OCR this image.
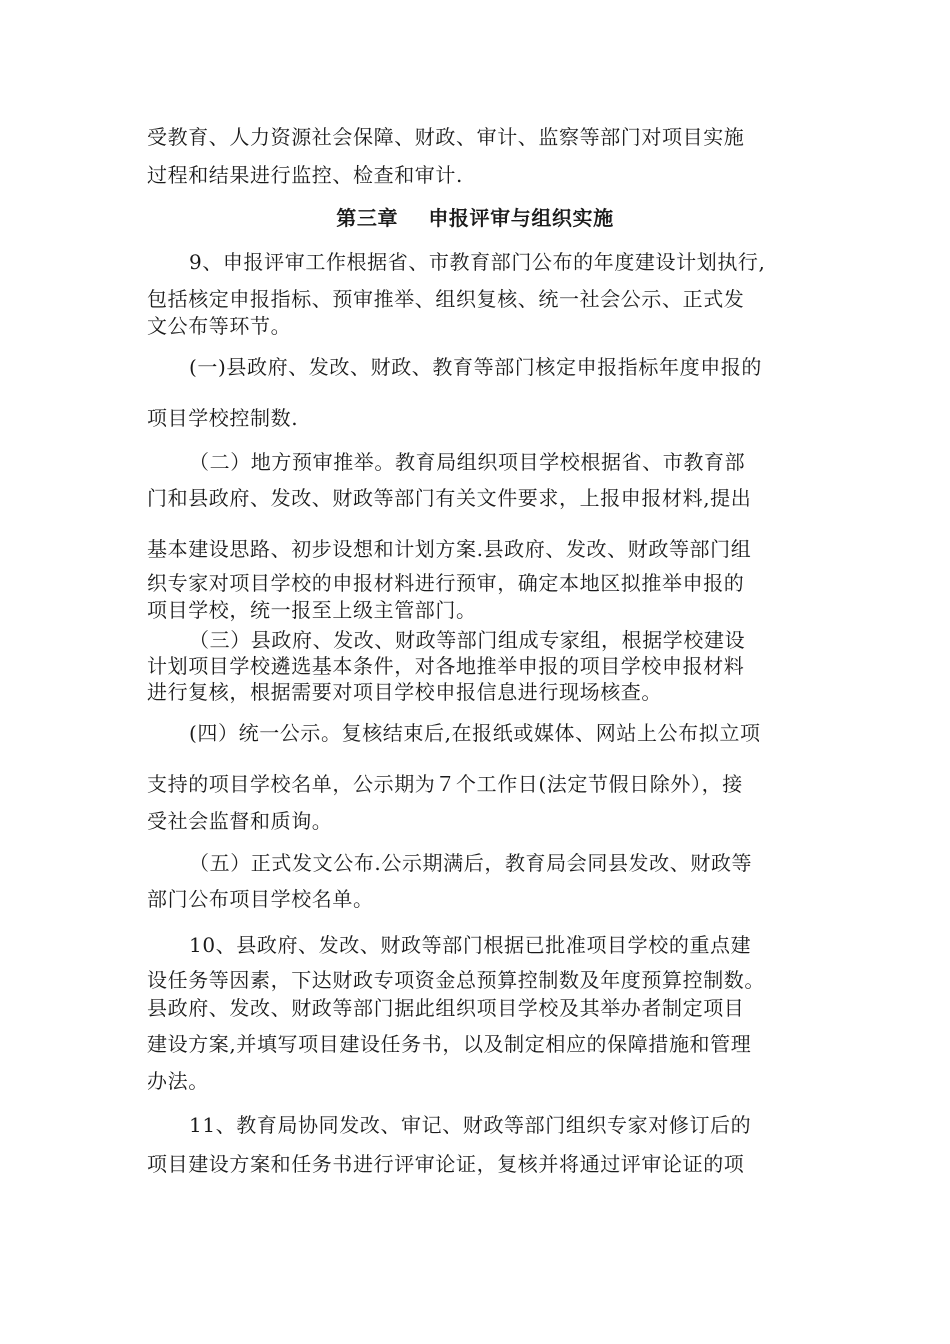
受教育、人力资源社会保障、财政、审计、监察等部门对项目实施
过程和结果进行监控、检查和审计.
第三章    申报评审与组织实施
9、申报评审工作根据省、市教育部门公布的年度建设计划执行,
包括核定申报指标、预审推举、组织复核、统一社会公示、正式发
文公布等环节。
(一)县政府、发改、财政、教育等部门核定申报指标年度申报的
项目学校控制数.
（二）地方预审推举。教育局组织项目学校根据省、市教育部
门和县政府、发改、财政等部门有关文件要求，上报申报材料,提出
基本建设思路、初步设想和计划方案.县政府、发改、财政等部门组
织专家对项目学校的申报材料进行预审，确定本地区拟推举申报的
项目学校，统一报至上级主管部门。
（三）县政府、发改、财政等部门组成专家组，根据学校建设
计划项目学校遴选基本条件，对各地推举申报的项目学校申报材料
进行复核，根据需要对项目学校申报信息进行现场核查。
(四）统一公示。复核结束后,在报纸或媒体、网站上公布拟立项
支持的项目学校名单，公示期为７个工作日(法定节假日除外），接
受社会监督和质询。
（五）正式发文公布.公示期满后，教育局会同县发改、财政等
部门公布项目学校名单。
10、县政府、发改、财政等部门根据已批准项目学校的重点建
设任务等因素，下达财政专项资金总预算控制数及年度预算控制数。
县政府、发改、财政等部门据此组织项目学校及其举办者制定项目
建设方案,并填写项目建设任务书，以及制定相应的保障措施和管理
办法。
11、教育局协同发改、审记、财政等部门组织专家对修订后的
项目建设方案和任务书进行评审论证，复核并将通过评审论证的项
